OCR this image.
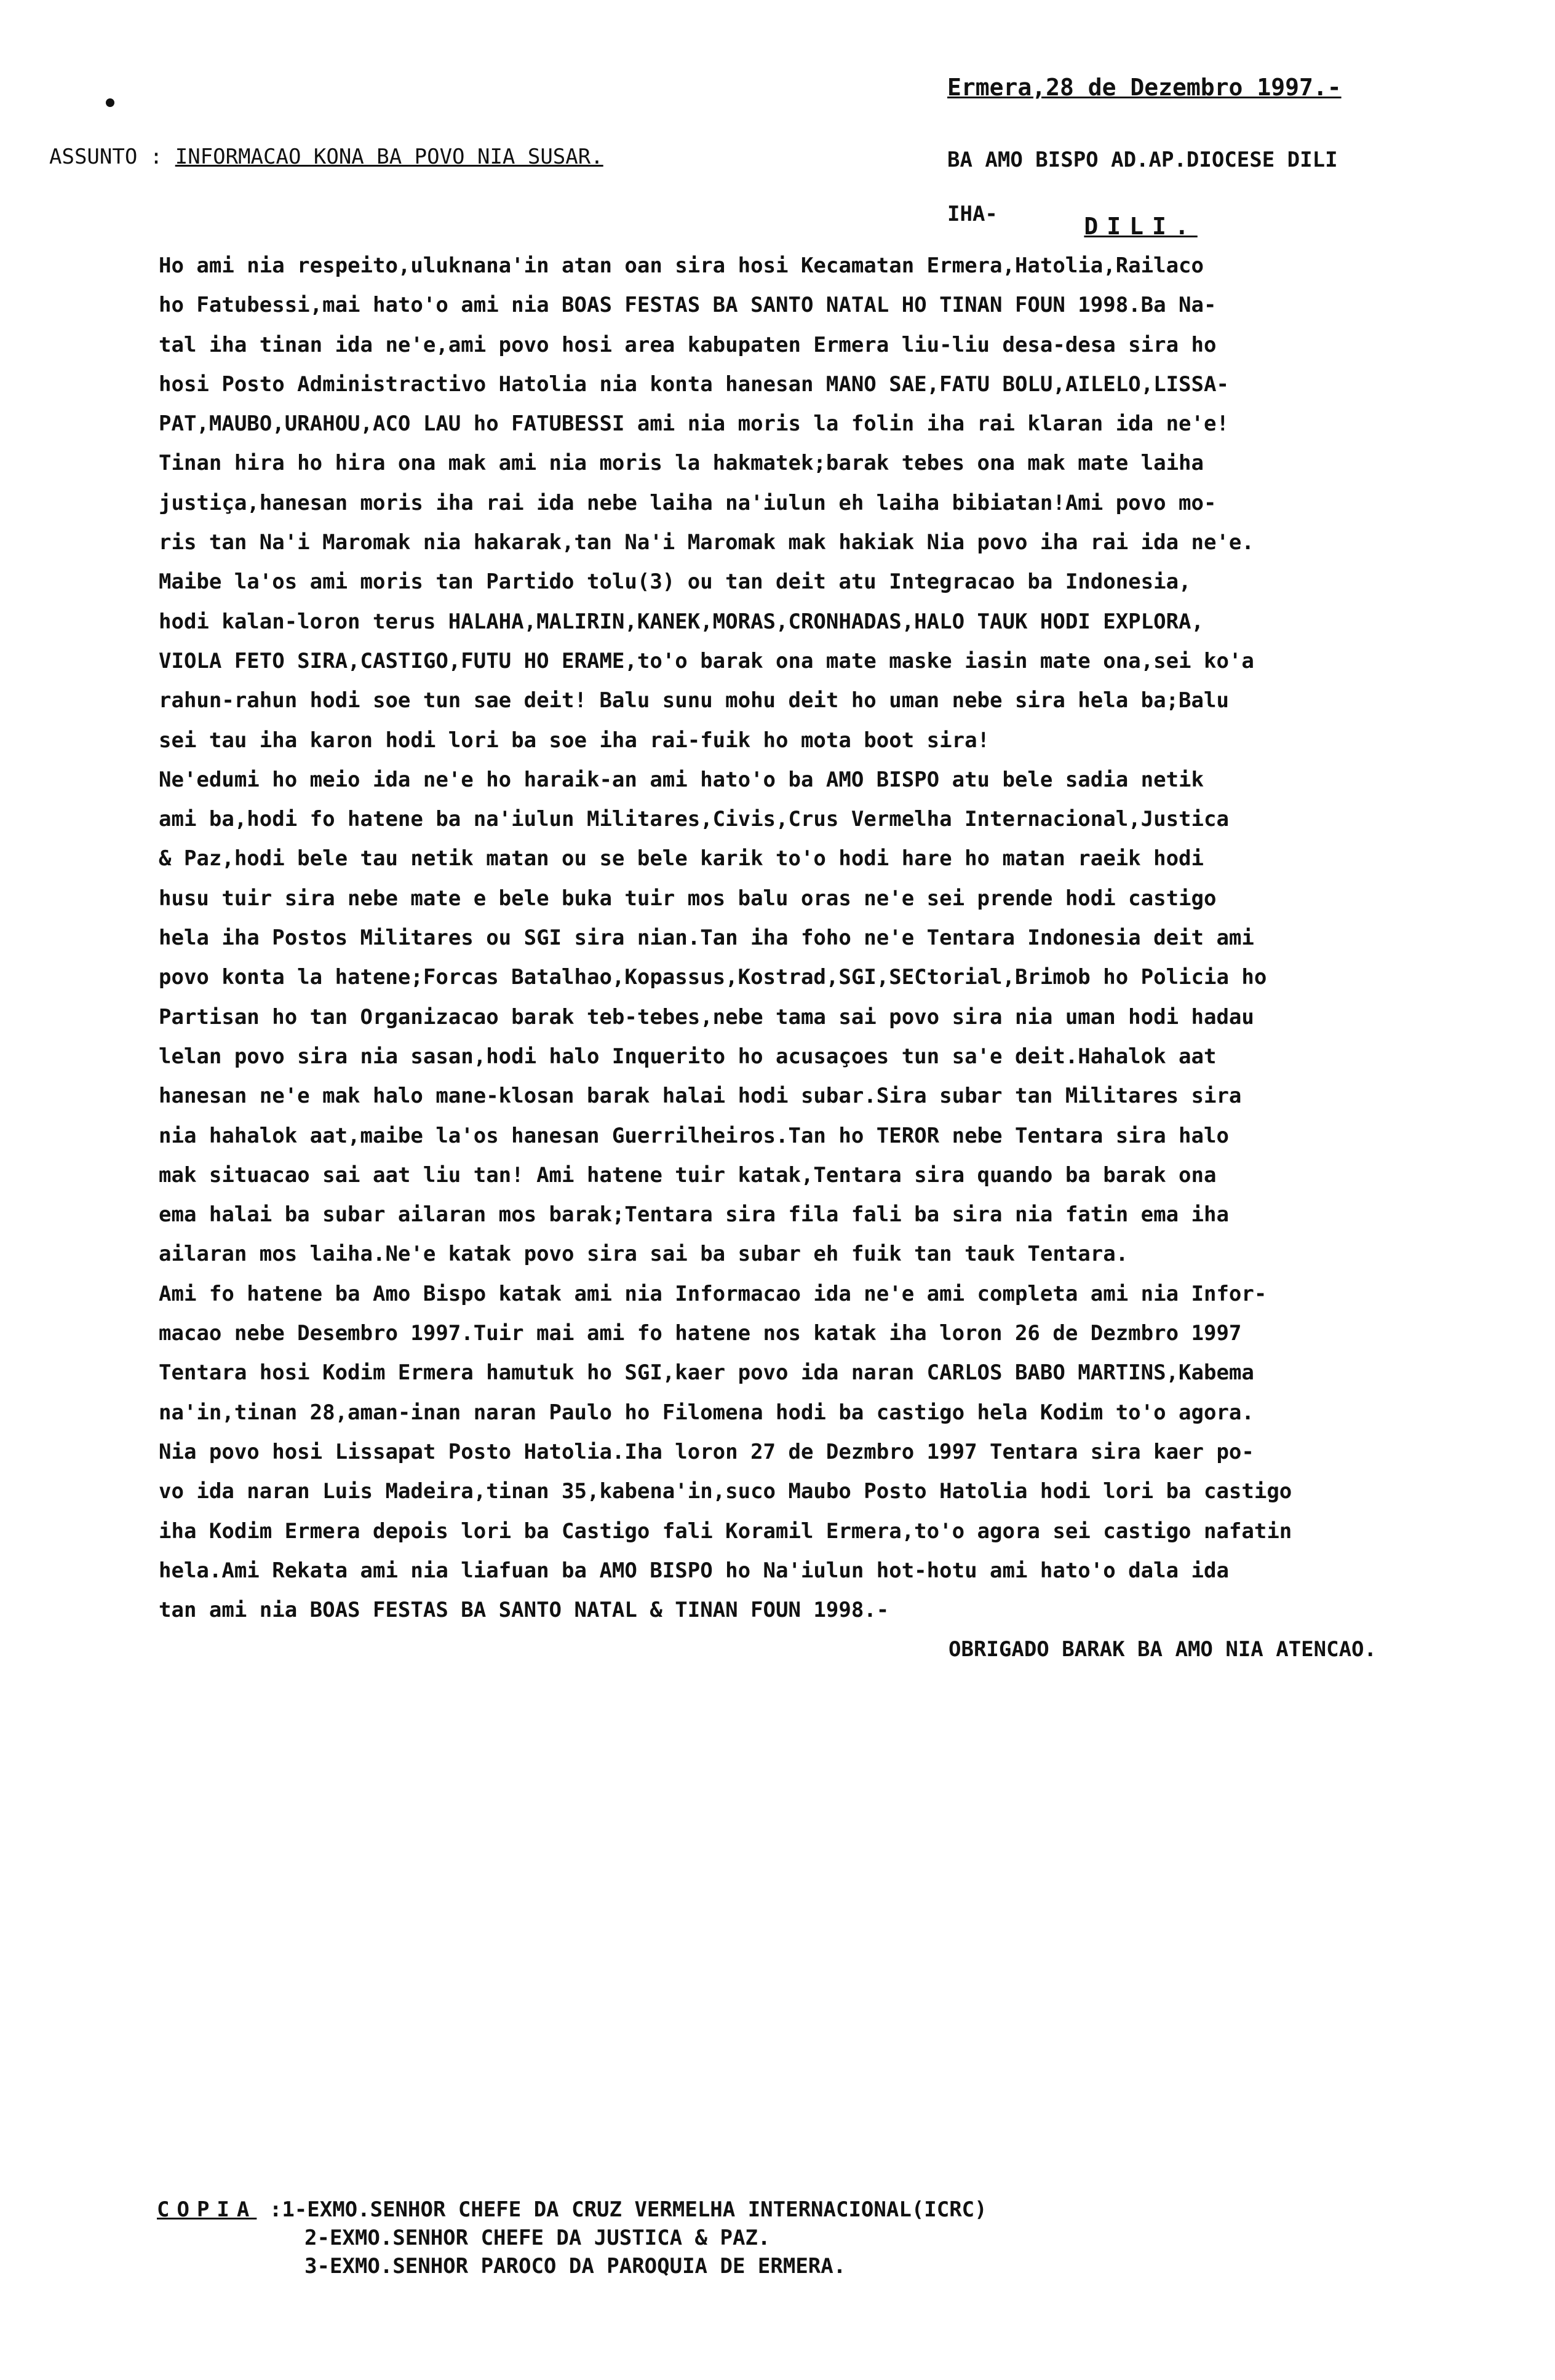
Ermera,28 de Dezembro 1997.-
ASSUNTO : INFORMACAO KONA BA POVO NIA SUSAR.	BA AMO BISPO AD.AP.DIOCESE DILI
IHA-	DILI.
Ho ami nia respeito,uluknana'in atan oan sira hosi Kecamatan Ermera,Hatolia,Railaco
ho Fatubessi,mai hato'o ami nia BOAS FESTAS BA SANTO NATAL HO TINAN FOUN 1998.Ba Na-
tal iha tinan ida ne'e,ami povo hosi area kabupaten Ermera liu-liu desa-desa sira ho
hosi Posto Administractivo Hatolia nia konta hanesan MANO SAE,FATU BOLU,AILELO,LISSA-
PAT,MAUBO,URAHOU,ACO LAU ho FATUBESSI ami nia moris la folin iha rai klaran ida ne'e!
Tinan hira ho hira ona mak ami nia moris la hakmatek;barak tebes ona mak mate laiha
justiça,hanesan moris iha rai ida nebe laiha na'iulun eh laiha bibiatan!Ami povo mo-
ris tan Na'i Maromak nia hakarak,tan Na'i Maromak mak hakiak Nia povo iha rai ida ne'e.
Maibe la'os ami moris tan Partido tolu(3) ou tan deit atu Integracao ba Indonesia,
hodi kalan-loron terus HALAHA,MALIRIN,KANEK,MORAS,CRONHADAS,HALO TAUK HODI EXPLORA,
VIOLA FETO SIRA,CASTIGO,FUTU HO ERAME,to'o barak ona mate maske iasin mate ona,sei ko'a
rahun-rahun hodi soe tun sae deit! Balu sunu mohu deit ho uman nebe sira hela ba;Balu
sei tau iha karon hodi lori ba soe iha rai-fuik ho mota boot sira!
Ne'edumi ho meio ida ne'e ho haraik-an ami hato'o ba AMO BISPO atu bele sadia netik
ami ba,hodi fo hatene ba na'iulun Militares,Civis,Crus Vermelha Internacional,Justica
& Paz,hodi bele tau netik matan ou se bele karik to'o hodi hare ho matan raeik hodi
husu tuir sira nebe mate e bele buka tuir mos balu oras ne'e sei prende hodi castigo
hela iha Postos Militares ou SGI sira nian.Tan iha foho ne'e Tentara Indonesia deit ami
povo konta la hatene;Forcas Batalhao,Kopassus,Kostrad,SGI,SECtorial,Brimob ho Policia ho
Partisan ho tan Organizacao barak teb-tebes,nebe tama sai povo sira nia uman hodi hadau
lelan povo sira nia sasan,hodi halo Inquerito ho acusaçoes tun sa'e deit.Hahalok aat
hanesan ne'e mak halo mane-klosan barak halai hodi subar.Sira subar tan Militares sira
nia hahalok aat,maibe la'os hanesan Guerrilheiros.Tan ho TEROR nebe Tentara sira halo
mak situacao sai aat liu tan! Ami hatene tuir katak,Tentara sira quando ba barak ona
ema halai ba subar ailaran mos barak;Tentara sira fila fali ba sira nia fatin ema iha
ailaran mos laiha.Ne'e katak povo sira sai ba subar eh fuik tan tauk Tentara.
Ami fo hatene ba Amo Bispo katak ami nia Informacao ida ne'e ami completa ami nia Infor-
macao nebe Desembro 1997.Tuir mai ami fo hatene nos katak iha loron 26 de Dezmbro 1997
Tentara hosi Kodim Ermera hamutuk ho SGI,kaer povo ida naran CARLOS BABO MARTINS,Kabema
na'in,tinan 28,aman-inan naran Paulo ho Filomena hodi ba castigo hela Kodim to'o agora.
Nia povo hosi Lissapat Posto Hatolia.Iha loron 27 de Dezmbro 1997 Tentara sira kaer po-
vo ida naran Luis Madeira,tinan 35,kabena'in,suco Maubo Posto Hatolia hodi lori ba castigo
iha Kodim Ermera depois lori ba Castigo fali Koramil Ermera,to'o agora sei castigo nafatin
hela.Ami Rekata ami nia liafuan ba AMO BISPO ho Na'iulun hot-hotu ami hato'o dala ida
tan ami nia BOAS FESTAS BA SANTO NATAL & TINAN FOUN 1998.-
OBRIGADO BARAK BA AMO NIA ATENCAO.
COPIA :1-EXMO.SENHOR CHEFE DA CRUZ VERMELHA INTERNACIONAL(ICRC)
2-EXMO.SENHOR CHEFE DA JUSTICA & PAZ.
3-EXMO.SENHOR PAROCO DA PAROQUIA DE ERMERA.
